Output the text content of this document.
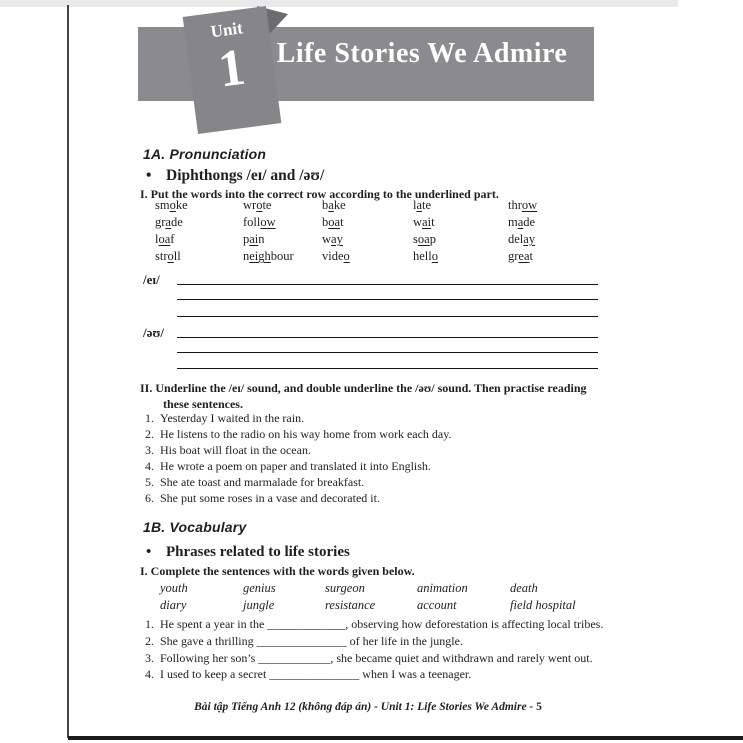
Life Stories We Admire
Unit
1
1A. Pronunciation
• Diphthongs /eɪ/ and /əʊ/
I. Put the words into the correct row according to the underlined part.
smoke	wrote	bake	late	throw
grade	follow	boat	wait	made
loaf	pain	way	soap	delay
stroll	neighbour	video	hello	great
/eɪ/
/əʊ/
II. Underline the /eɪ/ sound, and double underline the /əʊ/ sound. Then practise reading
these sentences.
1. Yesterday I waited in the rain.
2. He listens to the radio on his way home from work each day.
3. His boat will float in the ocean.
4. He wrote a poem on paper and translated it into English.
5. She ate toast and marmalade for breakfast.
6. She put some roses in a vase and decorated it.
1B. Vocabulary
• Phrases related to life stories
I. Complete the sentences with the words given below.
youth	genius	surgeon	animation	death
diary	jungle	resistance	account	field hospital
1. He spent a year in the _____________, observing how deforestation is affecting local tribes.
2. She gave a thrilling _______________ of her life in the jungle.
3. Following her son’s ____________, she became quiet and withdrawn and rarely went out.
4. I used to keep a secret _______________ when I was a teenager.
Bài tập Tiếng Anh 12 (không đáp án) - Unit 1: Life Stories We Admire - 5
